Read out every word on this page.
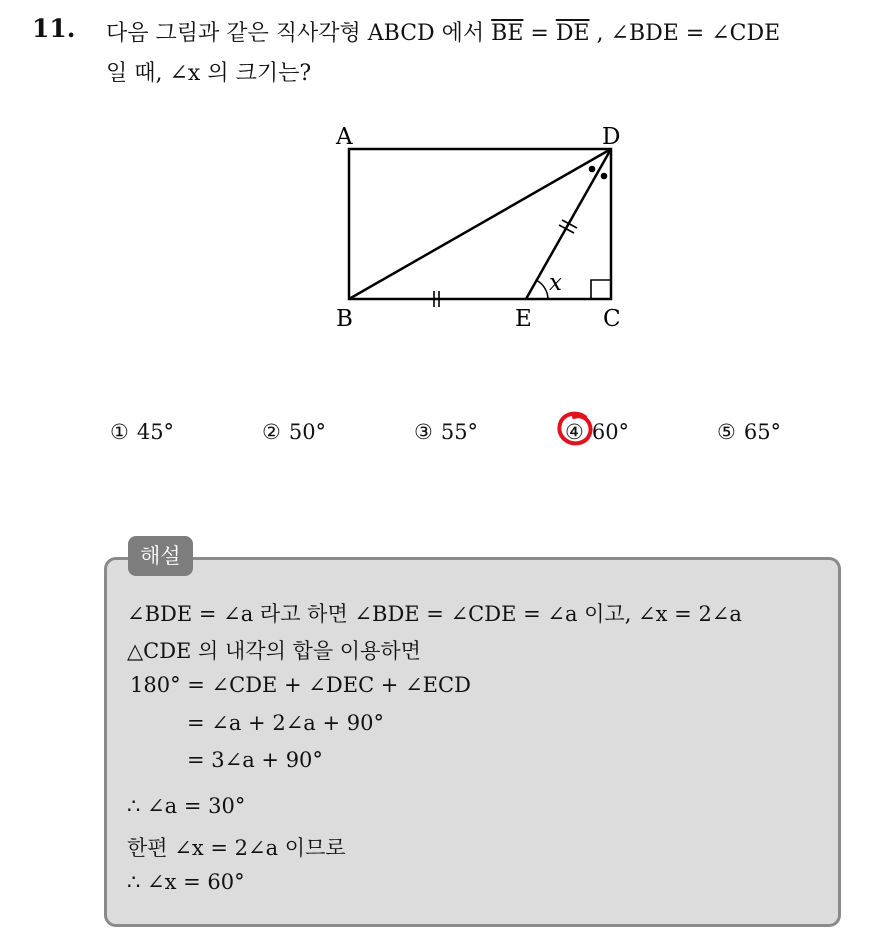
11. 다음 그림과 같은 직사각형 ABCD 에서 $\overline{BE} = \overline{DE}$ , ∠BDE = ∠CDE
일 때, ∠x 의 크기는?
A	D
B	E	C
x
① 45°	② 50°	③ 55°	④ 60°	⑤ 65°
해설
∠BDE = ∠a 라고 하면 ∠BDE = ∠CDE = ∠a 이고, ∠x = 2∠a
△CDE 의 내각의 합을 이용하면
180° = ∠CDE + ∠DEC + ∠ECD
= ∠a + 2∠a + 90°
= 3∠a + 90°
∴ ∠a = 30°
한편 ∠x = 2∠a 이므로
∴ ∠x = 60°
